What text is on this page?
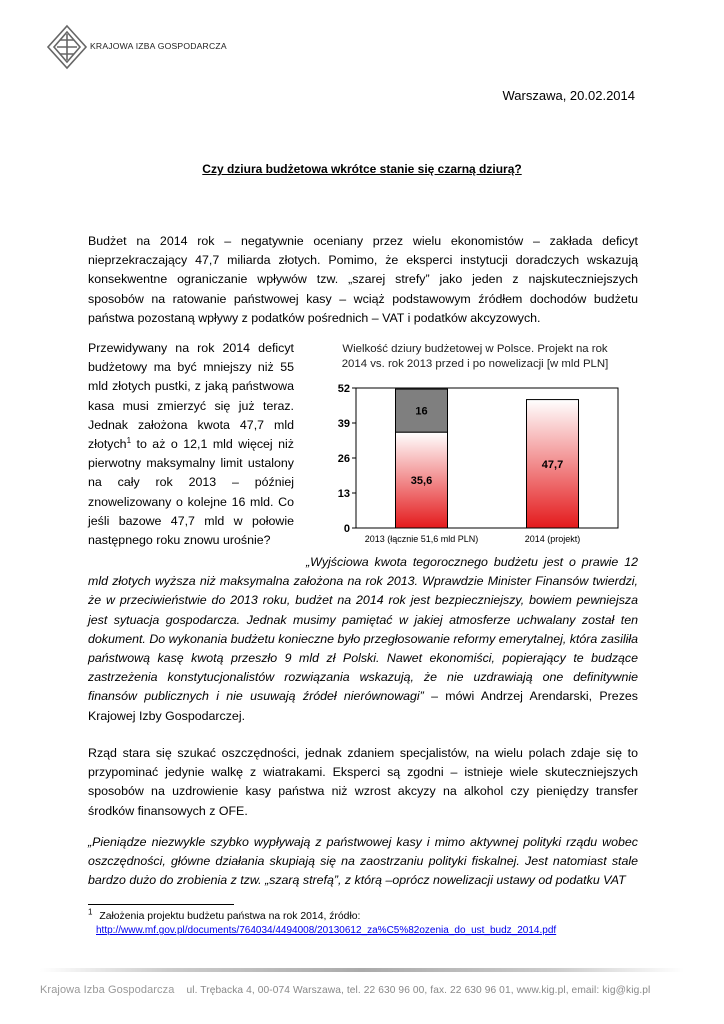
KRAJOWA IZBA GOSPODARCZA
Warszawa, 20.02.2014
Czy dziura budżetowa wkrótce stanie się czarną dziurą?
Budżet na 2014 rok – negatywnie oceniany przez wielu ekonomistów – zakłada deficyt nieprzekraczający 47,7 miliarda złotych. Pomimo, że eksperci instytucji doradczych wskazują konsekwentne ograniczanie wpływów tzw. „szarej strefy” jako jeden z najskuteczniejszych sposobów na ratowanie państwowej kasy – wciąż podstawowym źródłem dochodów budżetu państwa pozostaną wpływy z podatków pośrednich – VAT i podatków akcyzowych.
Przewidywany na rok 2014 deficyt budżetowy ma być mniejszy niż 55 mld złotych pustki, z jaką państwowa kasa musi zmierzyć się już teraz. Jednak założona kwota 47,7 mld złotych$^1$ to aż o 12,1 mld więcej niż pierwotny maksymalny limit ustalony na cały rok 2013 – później znowelizowany o kolejne 16 mld. Co jeśli bazowe 47,7 mld w połowie następnego roku znowu urośnie?
Wielkość dziury budżetowej w Polsce. Projekt na rok 2014 vs. rok 2013 przed i po nowelizacji [w mld PLN]
0
13
26
39
52
35,6
16
2013 (łącznie 51,6 mld PLN)
47,7
2014 (projekt)
„Wyjściowa kwota tegorocznego budżetu jest o prawie 12 mld złotych wyższa niż maksymalna założona na rok 2013. Wprawdzie Minister Finansów twierdzi, że w przeciwieństwie do 2013 roku, budżet na 2014 rok jest bezpieczniejszy, bowiem pewniejsza jest sytuacja gospodarcza. Jednak musimy pamiętać w jakiej atmosferze uchwalany został ten dokument. Do wykonania budżetu konieczne było przegłosowanie reformy emerytalnej, która zasiliła państwową kasę kwotą przeszło 9 mld zł Polski. Nawet ekonomiści, popierający te budzące zastrzeżenia konstytucjonalistów rozwiązania wskazują, że nie uzdrawiają one definitywnie finansów publicznych i nie usuwają źródeł nierównowagi” – mówi Andrzej Arendarski, Prezes Krajowej Izby Gospodarczej.
Rząd stara się szukać oszczędności, jednak zdaniem specjalistów, na wielu polach zdaje się to przypominać jedynie walkę z wiatrakami. Eksperci są zgodni – istnieje wiele skuteczniejszych sposobów na uzdrowienie kasy państwa niż wzrost akcyzy na alkohol czy pieniędzy transfer środków finansowych z OFE.
„Pieniądze niezwykle szybko wypływają z państwowej kasy i mimo aktywnej polityki rządu wobec oszczędności, główne działania skupiają się na zaostrzaniu polityki fiskalnej. Jest natomiast stale bardzo dużo do zrobienia z tzw. „szarą strefą”, z którą –oprócz nowelizacji ustawy od podatku VAT
$^1$ Założenia projektu budżetu państwa na rok 2014, źródło:
http://www.mf.gov.pl/documents/764034/4494008/20130612_za%C5%82ozenia_do_ust_budz_2014.pdf
Krajowa Izba Gospodarcza ul. Trębacka 4, 00-074 Warszawa, tel. 22 630 96 00, fax. 22 630 96 01, www.kig.pl, email: kig@kig.pl
